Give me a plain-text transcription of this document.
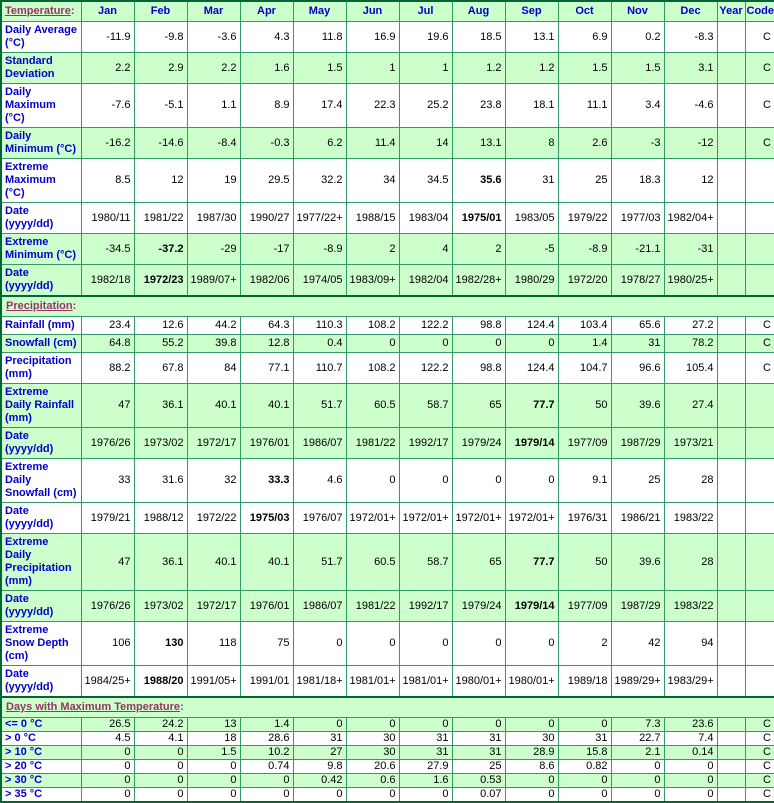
Temperature:	Jan	Feb	Mar	Apr	May	Jun	Jul	Aug	Sep	Oct	Nov	Dec	Year	Code
Daily Average (°C)	-11.9	-9.8	-3.6	4.3	11.8	16.9	19.6	18.5	13.1	6.9	0.2	-8.3		C
Standard Deviation	2.2	2.9	2.2	1.6	1.5	1	1	1.2	1.2	1.5	1.5	3.1		C
Daily Maximum (°C)	-7.6	-5.1	1.1	8.9	17.4	22.3	25.2	23.8	18.1	11.1	3.4	-4.6		C
Daily Minimum (°C)	-16.2	-14.6	-8.4	-0.3	6.2	11.4	14	13.1	8	2.6	-3	-12		C
Extreme Maximum (°C)	8.5	12	19	29.5	32.2	34	34.5	35.6	31	25	18.3	12		
Date (yyyy/dd)	1980/11	1981/22	1987/30	1990/27	1977/22+	1988/15	1983/04	1975/01	1983/05	1979/22	1977/03	1982/04+		
Extreme Minimum (°C)	-34.5	-37.2	-29	-17	-8.9	2	4	2	-5	-8.9	-21.1	-31		
Date (yyyy/dd)	1982/18	1972/23	1989/07+	1982/06	1974/05	1983/09+	1982/04	1982/28+	1980/29	1972/20	1978/27	1980/25+		
Precipitation:														
Rainfall (mm)	23.4	12.6	44.2	64.3	110.3	108.2	122.2	98.8	124.4	103.4	65.6	27.2		C
Snowfall (cm)	64.8	55.2	39.8	12.8	0.4	0	0	0	0	1.4	31	78.2		C
Precipitation (mm)	88.2	67.8	84	77.1	110.7	108.2	122.2	98.8	124.4	104.7	96.6	105.4		C
Extreme Daily Rainfall (mm)	47	36.1	40.1	40.1	51.7	60.5	58.7	65	77.7	50	39.6	27.4		
Date (yyyy/dd)	1976/26	1973/02	1972/17	1976/01	1986/07	1981/22	1992/17	1979/24	1979/14	1977/09	1987/29	1973/21		
Extreme Daily Snowfall (cm)	33	31.6	32	33.3	4.6	0	0	0	0	9.1	25	28		
Date (yyyy/dd)	1979/21	1988/12	1972/22	1975/03	1976/07	1972/01+	1972/01+	1972/01+	1972/01+	1976/31	1986/21	1983/22		
Extreme Daily Precipitation (mm)	47	36.1	40.1	40.1	51.7	60.5	58.7	65	77.7	50	39.6	28		
Date (yyyy/dd)	1976/26	1973/02	1972/17	1976/01	1986/07	1981/22	1992/17	1979/24	1979/14	1977/09	1987/29	1983/22		
Extreme Snow Depth (cm)	106	130	118	75	0	0	0	0	0	2	42	94		
Date (yyyy/dd)	1984/25+	1988/20	1991/05+	1991/01	1981/18+	1981/01+	1981/01+	1980/01+	1980/01+	1989/18	1989/29+	1983/29+		
Days with Maximum Temperature:														
<= 0 °C	26.5	24.2	13	1.4	0	0	0	0	0	0	7.3	23.6		C
> 0 °C	4.5	4.1	18	28.6	31	30	31	31	30	31	22.7	7.4		C
> 10 °C	0	0	1.5	10.2	27	30	31	31	28.9	15.8	2.1	0.14		C
> 20 °C	0	0	0	0.74	9.8	20.6	27.9	25	8.6	0.82	0	0		C
> 30 °C	0	0	0	0	0.42	0.6	1.6	0.53	0	0	0	0		C
> 35 °C	0	0	0	0	0	0	0	0.07	0	0	0	0		C
